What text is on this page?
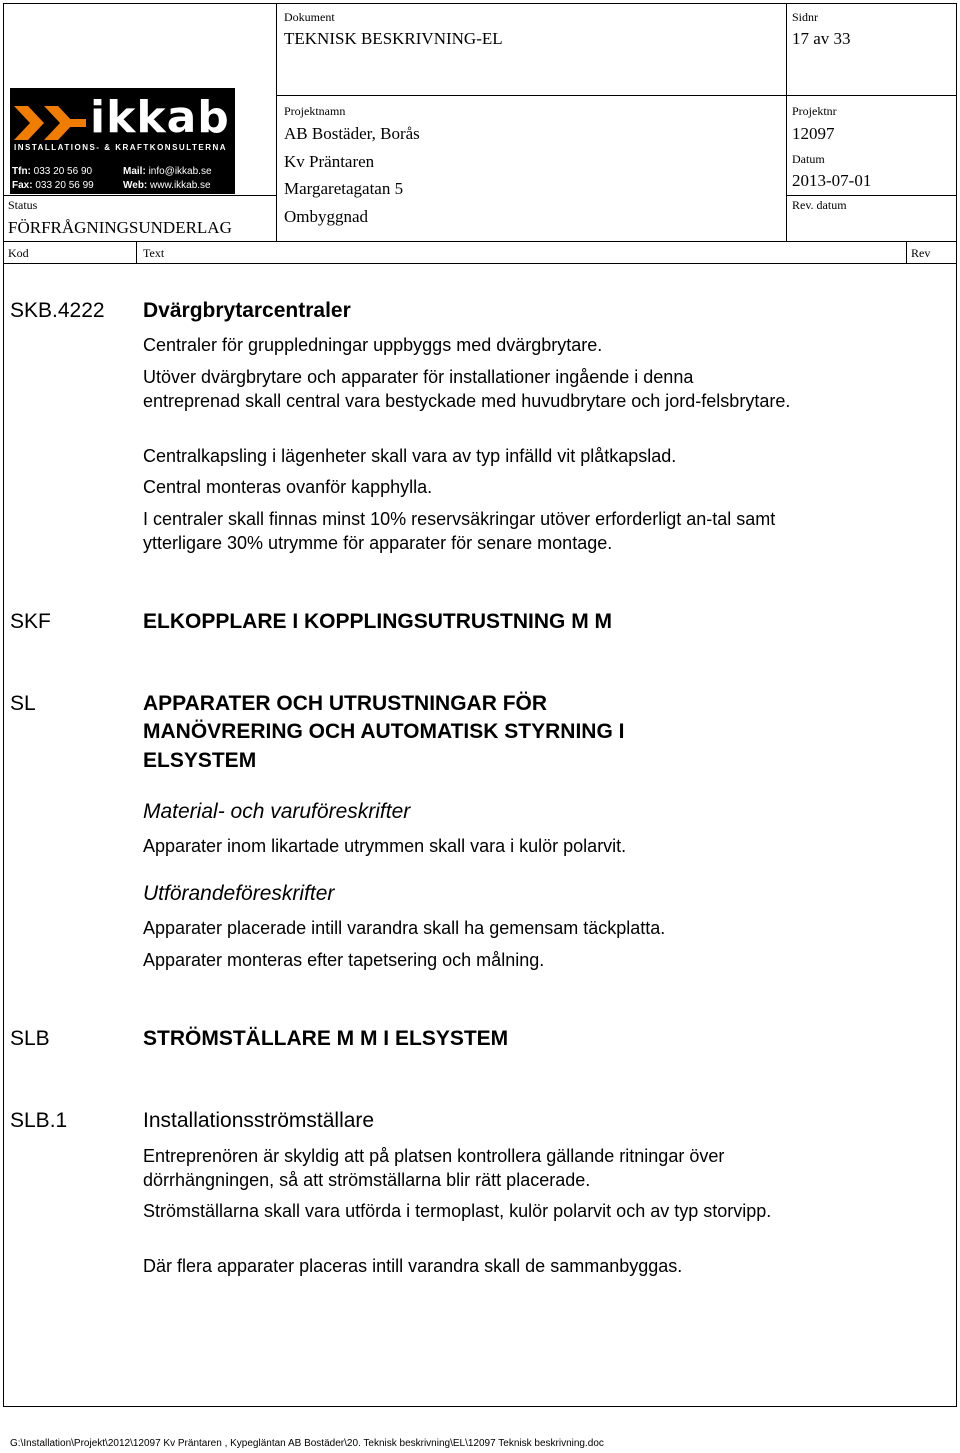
Dokument
TEKNISK BESKRIVNING-EL
Sidnr
17 av 33
Projektnamn
AB Bostäder, Borås
Kv Präntaren
Margaretagatan 5
Ombyggnad
Projektnr
12097
Datum
2013-07-01
Rev. datum
Status
FÖRFRÅGNINGSUNDERLAG
Kod	Text	Rev
ikkab
INSTALLATIONS- & KRAFTKONSULTERNA
Tfn: 033 20 56 90	Mail: info@ikkab.se
Fax: 033 20 56 99	Web: www.ikkab.se
SKB.4222 Dvärgbrytarcentraler
Centraler för gruppledningar uppbyggs med dvärgbrytare.
Utöver dvärgbrytare och apparater för installationer ingående i denna entreprenad skall central vara bestyckade med huvudbrytare och jord-felsbrytare.
Centralkapsling i lägenheter skall vara av typ infälld vit plåtkapslad.
Central monteras ovanför kapphylla.
I centraler skall finnas minst 10% reservsäkringar utöver erforderligt an-tal samt ytterligare 30% utrymme för apparater för senare montage.
SKF	ELKOPPLARE I KOPPLINGSUTRUSTNING M M
SL	APPARATER OCH UTRUSTNINGAR FÖR
MANÖVRERING OCH AUTOMATISK STYRNING I
ELSYSTEM
Material- och varuföreskrifter
Apparater inom likartade utrymmen skall vara i kulör polarvit.
Utförandeföreskrifter
Apparater placerade intill varandra skall ha gemensam täckplatta.
Apparater monteras efter tapetsering och målning.
SLB	STRÖMSTÄLLARE M M I ELSYSTEM
SLB.1	Installationsströmställare
Entreprenören är skyldig att på platsen kontrollera gällande ritningar över dörrhängningen, så att strömställarna blir rätt placerade.
Strömställarna skall vara utförda i termoplast, kulör polarvit och av typ storvipp.
Där flera apparater placeras intill varandra skall de sammanbyggas.
G:\Installation\Projekt\2012\12097 Kv Präntaren , Kypegläntan AB Bostäder\20. Teknisk beskrivning\EL\12097 Teknisk beskrivning.doc
